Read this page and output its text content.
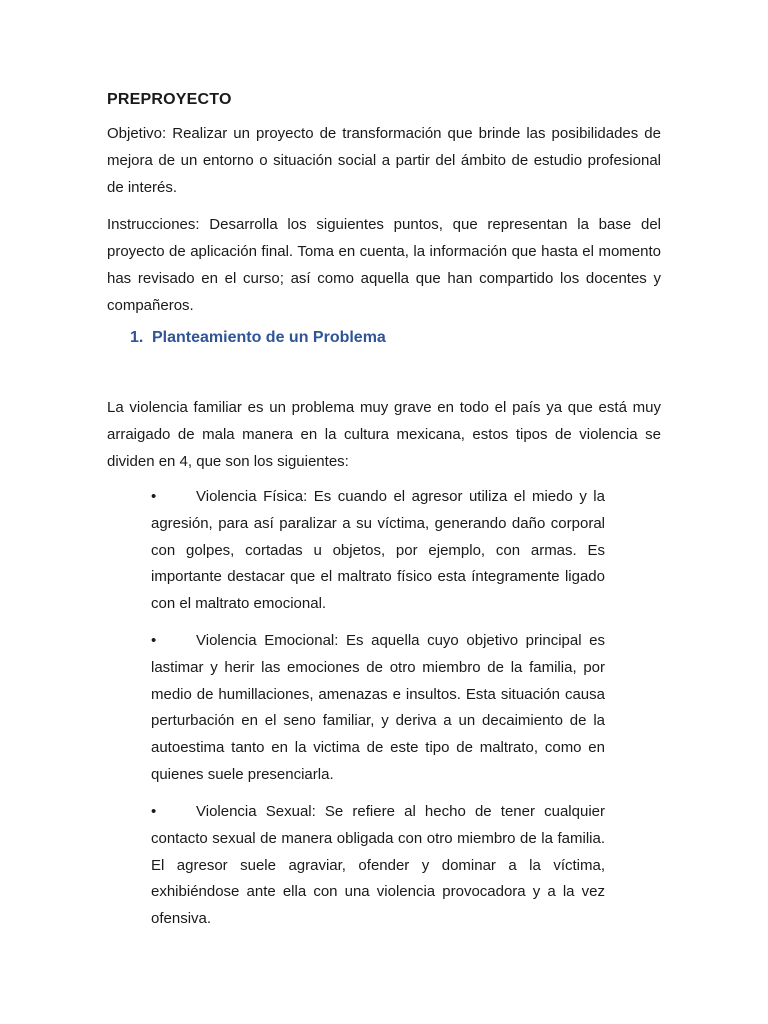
PREPROYECTO

Objetivo: Realizar un proyecto de transformación que brinde las posibilidades de mejora de un entorno o situación social a partir del ámbito de estudio profesional de interés.

Instrucciones: Desarrolla los siguientes puntos, que representan la base del proyecto de aplicación final. Toma en cuenta, la información que hasta el momento has revisado en el curso; así como aquella que han compartido los docentes y compañeros.

1. Planteamiento de un Problema

La violencia familiar es un problema muy grave en todo el país ya que está muy arraigado de mala manera en la cultura mexicana, estos tipos de violencia se dividen en 4, que son los siguientes:

•	Violencia Física: Es cuando el agresor utiliza el miedo y la agresión, para así paralizar a su víctima, generando daño corporal con golpes, cortadas u objetos, por ejemplo, con armas. Es importante destacar que el maltrato físico esta íntegramente ligado con el maltrato emocional.

•	Violencia Emocional: Es aquella cuyo objetivo principal es lastimar y herir las emociones de otro miembro de la familia, por medio de humillaciones, amenazas e insultos. Esta situación causa perturbación en el seno familiar, y deriva a un decaimiento de la autoestima tanto en la victima de este tipo de maltrato, como en quienes suele presenciarla.

•	Violencia Sexual: Se refiere al hecho de tener cualquier contacto sexual de manera obligada con otro miembro de la familia. El agresor suele agraviar, ofender y dominar a la víctima, exhibiéndose ante ella con una violencia provocadora y a la vez ofensiva.
